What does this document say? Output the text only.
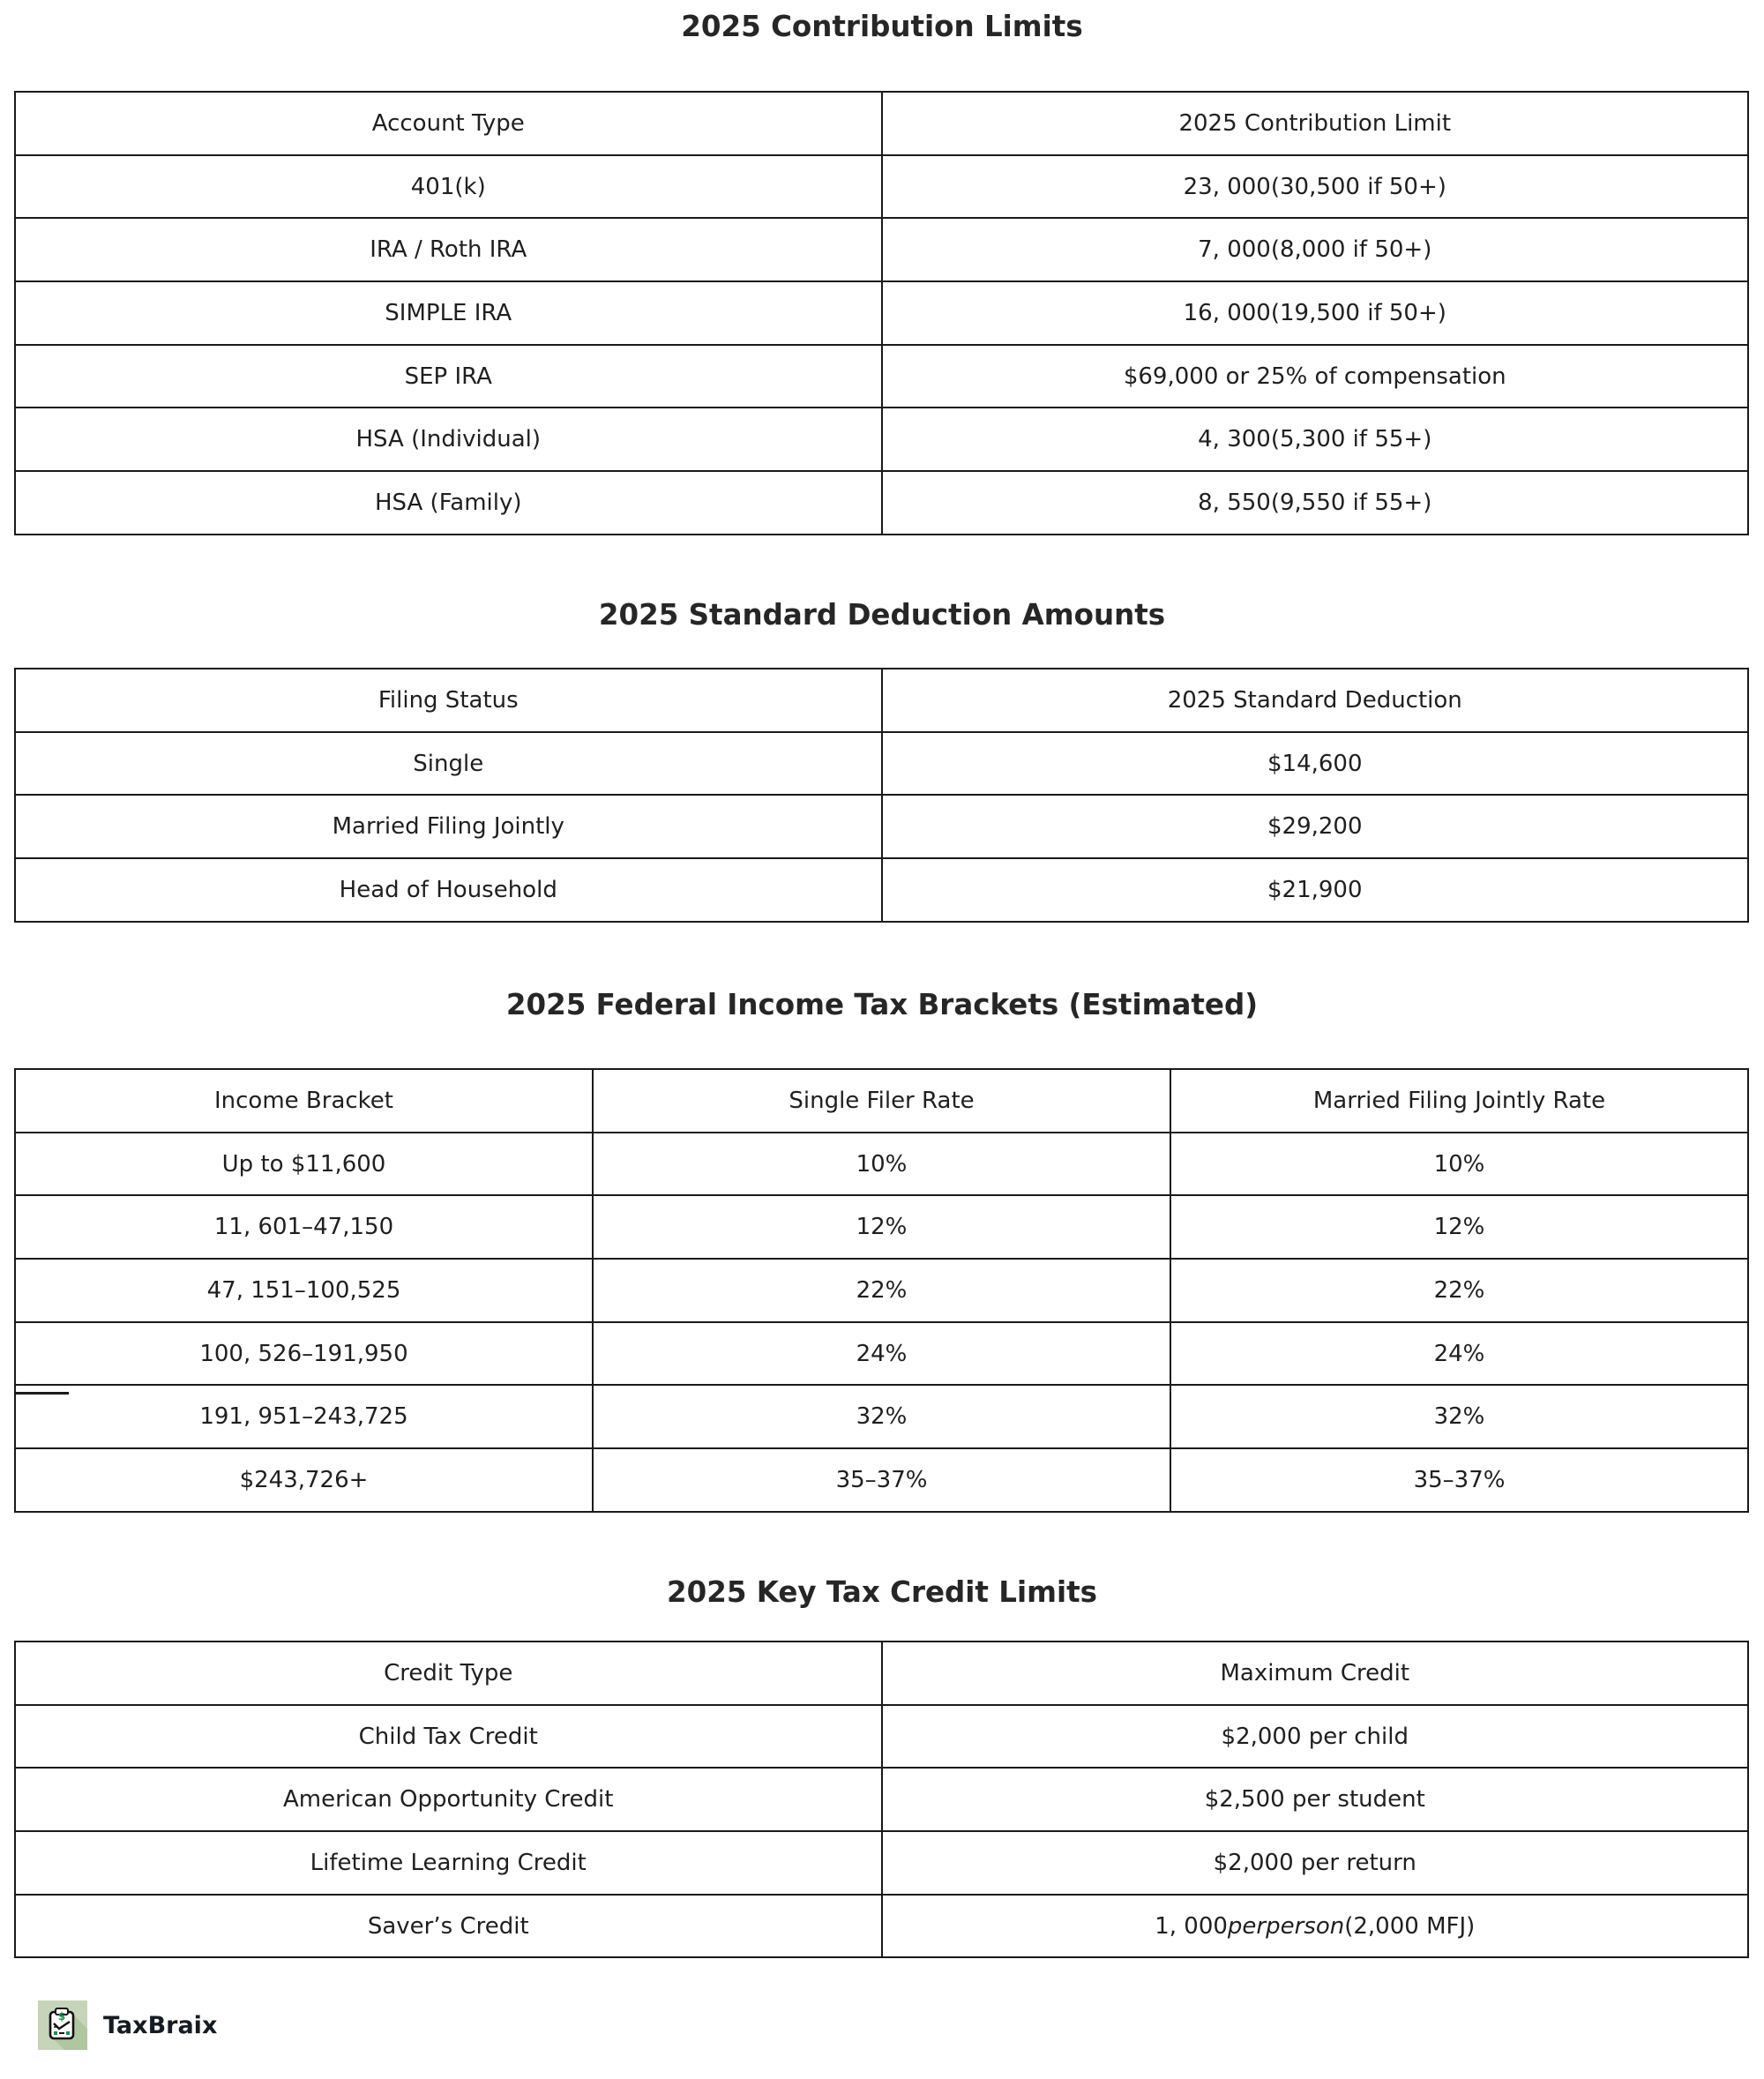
2025 Contribution Limits
Account Type	2025 Contribution Limit
401(k)	23, 000(30,500 if 50+)
IRA / Roth IRA	7, 000(8,000 if 50+)
SIMPLE IRA	16, 000(19,500 if 50+)
SEP IRA	$69,000 or 25% of compensation
HSA (Individual)	4, 300(5,300 if 55+)
HSA (Family)	8, 550(9,550 if 55+)
2025 Standard Deduction Amounts
Filing Status	2025 Standard Deduction
Single	$14,600
Married Filing Jointly	$29,200
Head of Household	$21,900
2025 Federal Income Tax Brackets (Estimated)
Income Bracket	Single Filer Rate	Married Filing Jointly Rate
Up to $11,600	10%	10%
11, 601–47,150	12%	12%
47, 151–100,525	22%	22%
100, 526–191,950	24%	24%
191, 951–243,725	32%	32%
$243,726+	35–37%	35–37%
2025 Key Tax Credit Limits
Credit Type	Maximum Credit
Child Tax Credit	$2,000 per child
American Opportunity Credit	$2,500 per student
Lifetime Learning Credit	$2,000 per return
Saver’s Credit	1, 000perperson(2,000 MFJ)
$ TaxBraix
